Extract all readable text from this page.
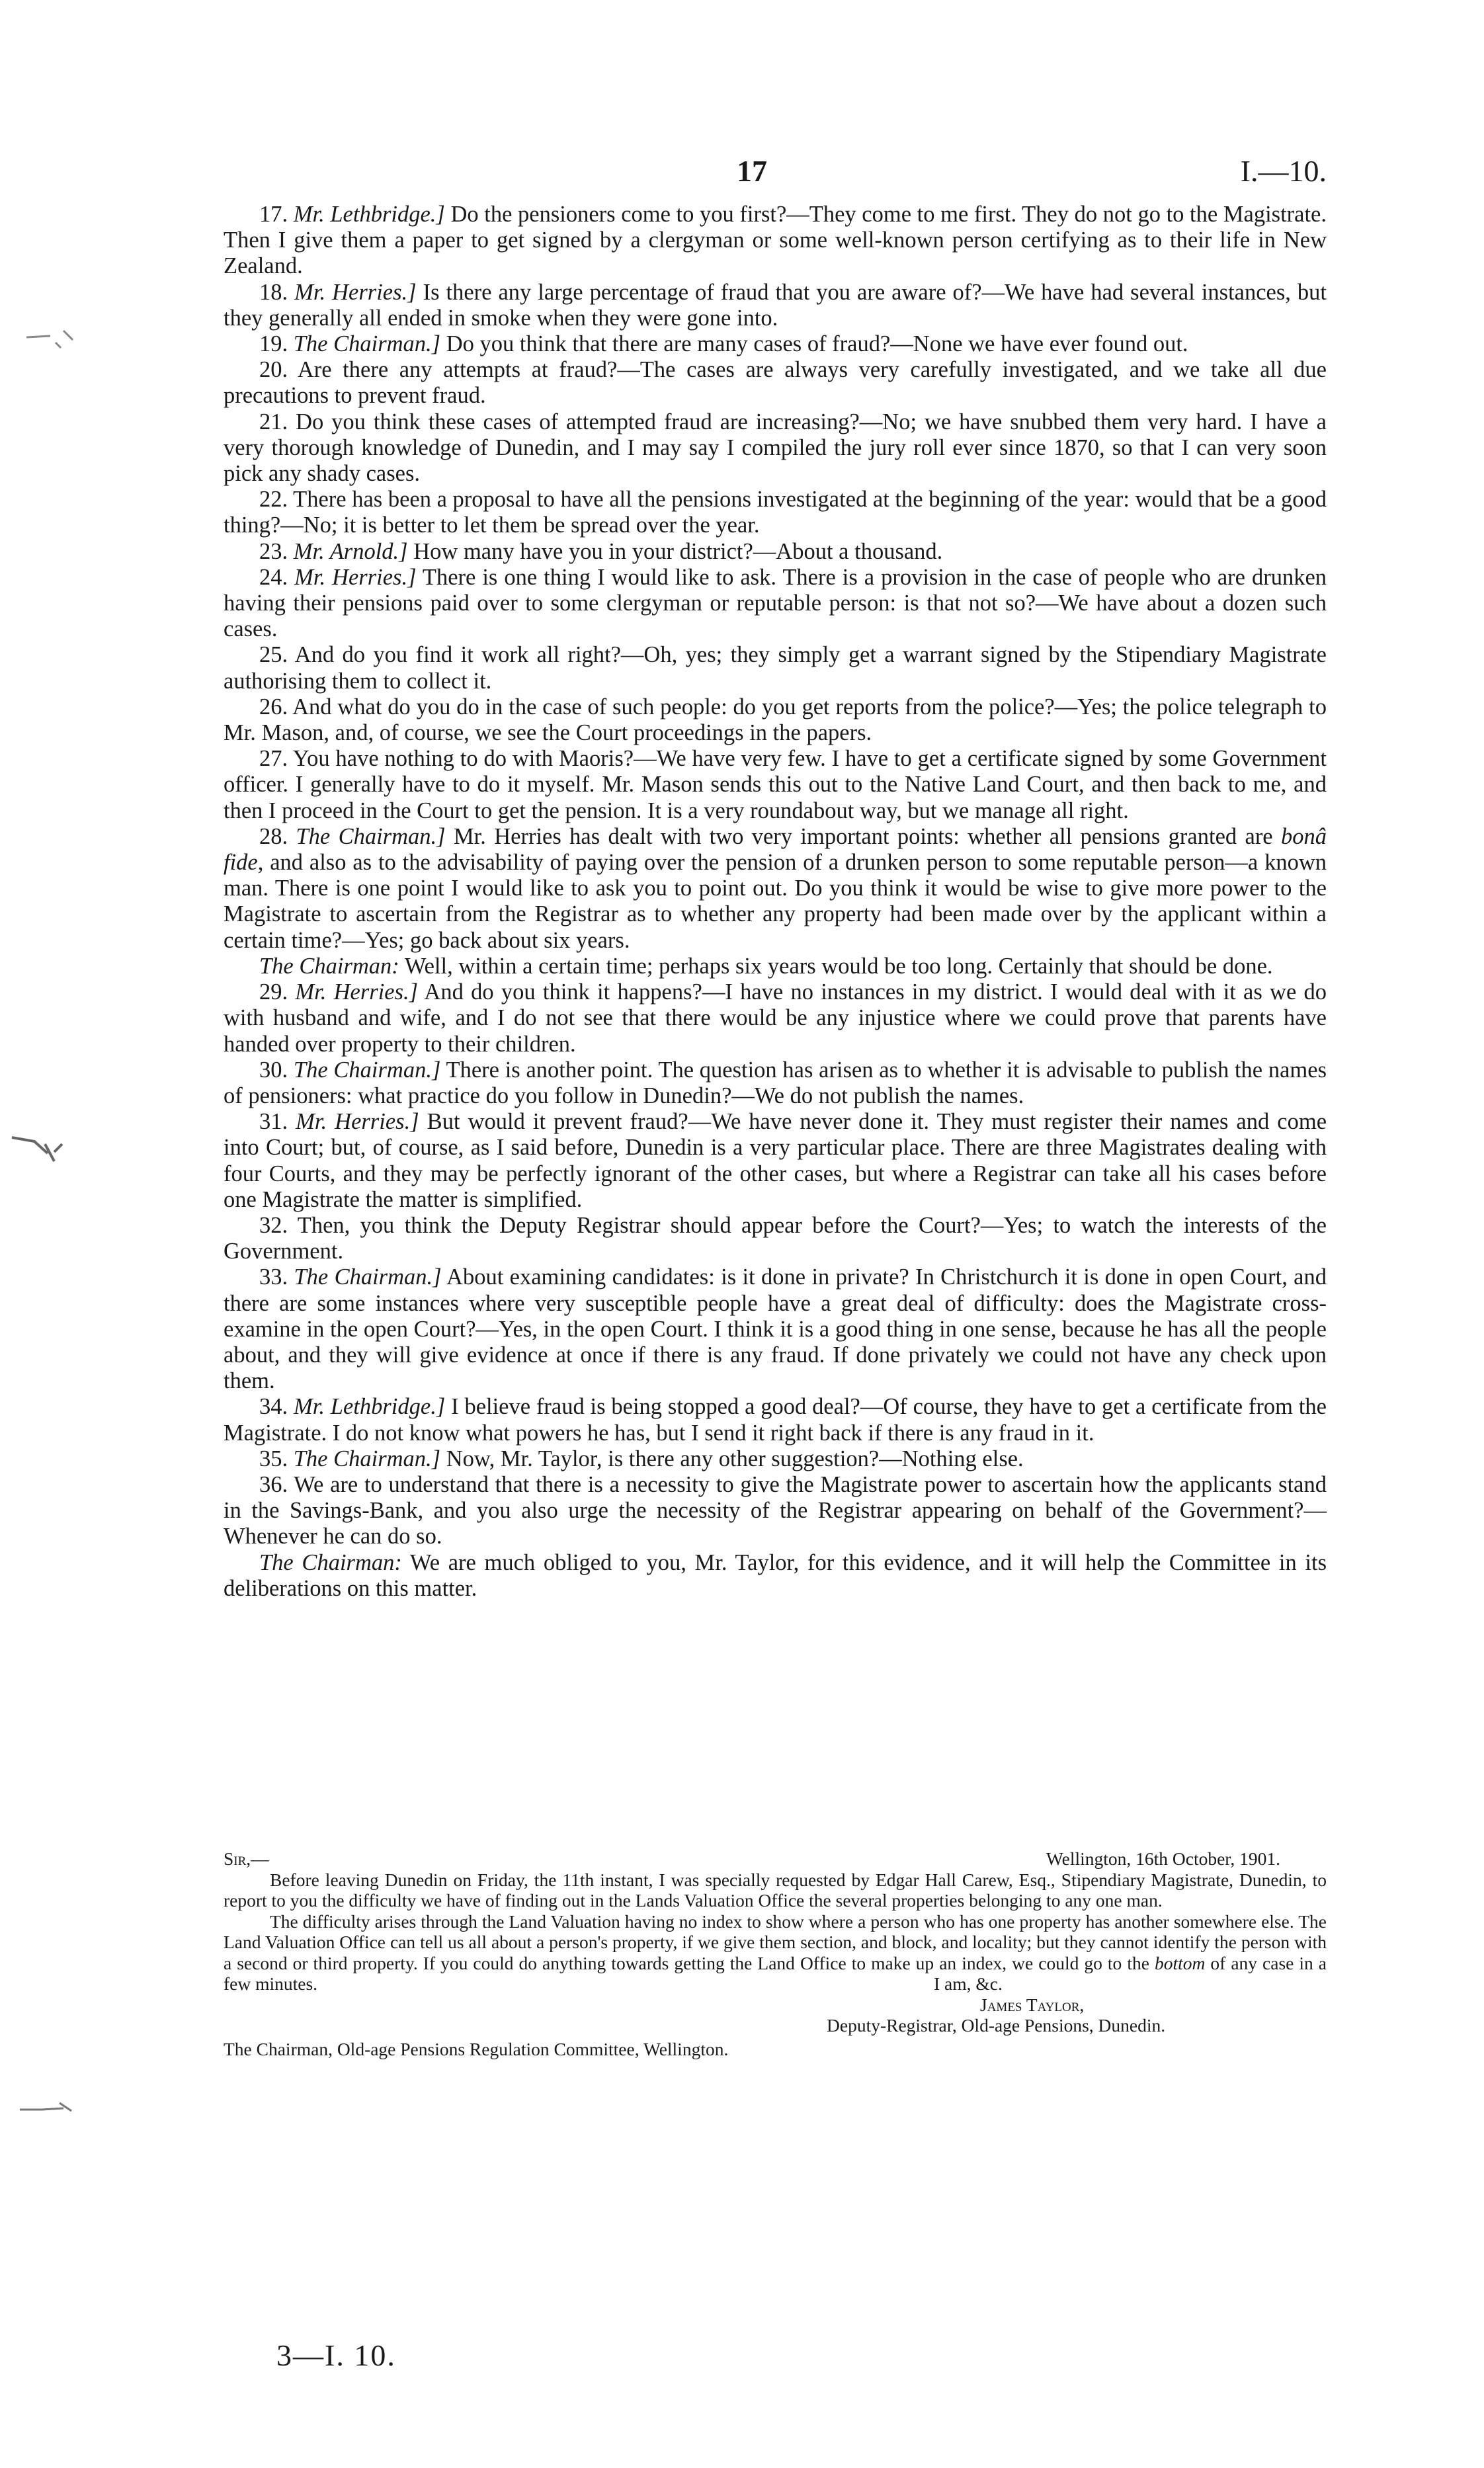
17	I.—10.

17. Mr. Lethbridge.] Do the pensioners come to you first?—They come to me first. They do not go to the Magistrate. Then I give them a paper to get signed by a clergyman or some well-known person certifying as to their life in New Zealand.

18. Mr. Herries.] Is there any large percentage of fraud that you are aware of?—We have had several instances, but they generally all ended in smoke when they were gone into.

19. The Chairman.] Do you think that there are many cases of fraud?—None we have ever found out.

20. Are there any attempts at fraud?—The cases are always very carefully investigated, and we take all due precautions to prevent fraud.

21. Do you think these cases of attempted fraud are increasing?—No; we have snubbed them very hard. I have a very thorough knowledge of Dunedin, and I may say I compiled the jury roll ever since 1870, so that I can very soon pick any shady cases.

22. There has been a proposal to have all the pensions investigated at the beginning of the year: would that be a good thing?—No; it is better to let them be spread over the year.

23. Mr. Arnold.] How many have you in your district?—About a thousand.

24. Mr. Herries.] There is one thing I would like to ask. There is a provision in the case of people who are drunken having their pensions paid over to some clergyman or reputable person: is that not so?—We have about a dozen such cases.

25. And do you find it work all right?—Oh, yes; they simply get a warrant signed by the Stipendiary Magistrate authorising them to collect it.

26. And what do you do in the case of such people: do you get reports from the police?—Yes; the police telegraph to Mr. Mason, and, of course, we see the Court proceedings in the papers.

27. You have nothing to do with Maoris?—We have very few. I have to get a certificate signed by some Government officer. I generally have to do it myself. Mr. Mason sends this out to the Native Land Court, and then back to me, and then I proceed in the Court to get the pension. It is a very roundabout way, but we manage all right.

28. The Chairman.] Mr. Herries has dealt with two very important points: whether all pensions granted are bonâ fide, and also as to the advisability of paying over the pension of a drunken person to some reputable person—a known man. There is one point I would like to ask you to point out. Do you think it would be wise to give more power to the Magistrate to ascertain from the Registrar as to whether any property had been made over by the applicant within a certain time?—Yes; go back about six years.

The Chairman: Well, within a certain time; perhaps six years would be too long. Certainly that should be done.

29. Mr. Herries.] And do you think it happens?—I have no instances in my district. I would deal with it as we do with husband and wife, and I do not see that there would be any injustice where we could prove that parents have handed over property to their children.

30. The Chairman.] There is another point. The question has arisen as to whether it is advisable to publish the names of pensioners: what practice do you follow in Dunedin?—We do not publish the names.

31. Mr. Herries.] But would it prevent fraud?—We have never done it. They must register their names and come into Court; but, of course, as I said before, Dunedin is a very particular place. There are three Magistrates dealing with four Courts, and they may be perfectly ignorant of the other cases, but where a Registrar can take all his cases before one Magistrate the matter is simplified.

32. Then, you think the Deputy Registrar should appear before the Court?—Yes; to watch the interests of the Government.

33. The Chairman.] About examining candidates: is it done in private? In Christchurch it is done in open Court, and there are some instances where very susceptible people have a great deal of difficulty: does the Magistrate cross-examine in the open Court?—Yes, in the open Court. I think it is a good thing in one sense, because he has all the people about, and they will give evidence at once if there is any fraud. If done privately we could not have any check upon them.

34. Mr. Lethbridge.] I believe fraud is being stopped a good deal?—Of course, they have to get a certificate from the Magistrate. I do not know what powers he has, but I send it right back if there is any fraud in it.

35. The Chairman.] Now, Mr. Taylor, is there any other suggestion?—Nothing else.

36. We are to understand that there is a necessity to give the Magistrate power to ascertain how the applicants stand in the Savings-Bank, and you also urge the necessity of the Registrar appearing on behalf of the Government?—Whenever he can do so.

The Chairman: We are much obliged to you, Mr. Taylor, for this evidence, and it will help the Committee in its deliberations on this matter.

Sir,—	Wellington, 16th October, 1901.

Before leaving Dunedin on Friday, the 11th instant, I was specially requested by Edgar Hall Carew, Esq., Stipendiary Magistrate, Dunedin, to report to you the difficulty we have of finding out in the Lands Valuation Office the several properties belonging to any one man.

The difficulty arises through the Land Valuation having no index to show where a person who has one property has another somewhere else. The Land Valuation Office can tell us all about a person's property, if we give them section, and block, and locality; but they cannot identify the person with a second or third property. If you could do anything towards getting the Land Office to make up an index, we could go to the bottom of any case in a few minutes.	I am, &c.

James Taylor,

Deputy-Registrar, Old-age Pensions, Dunedin.

The Chairman, Old-age Pensions Regulation Committee, Wellington.

3—I. 10.
